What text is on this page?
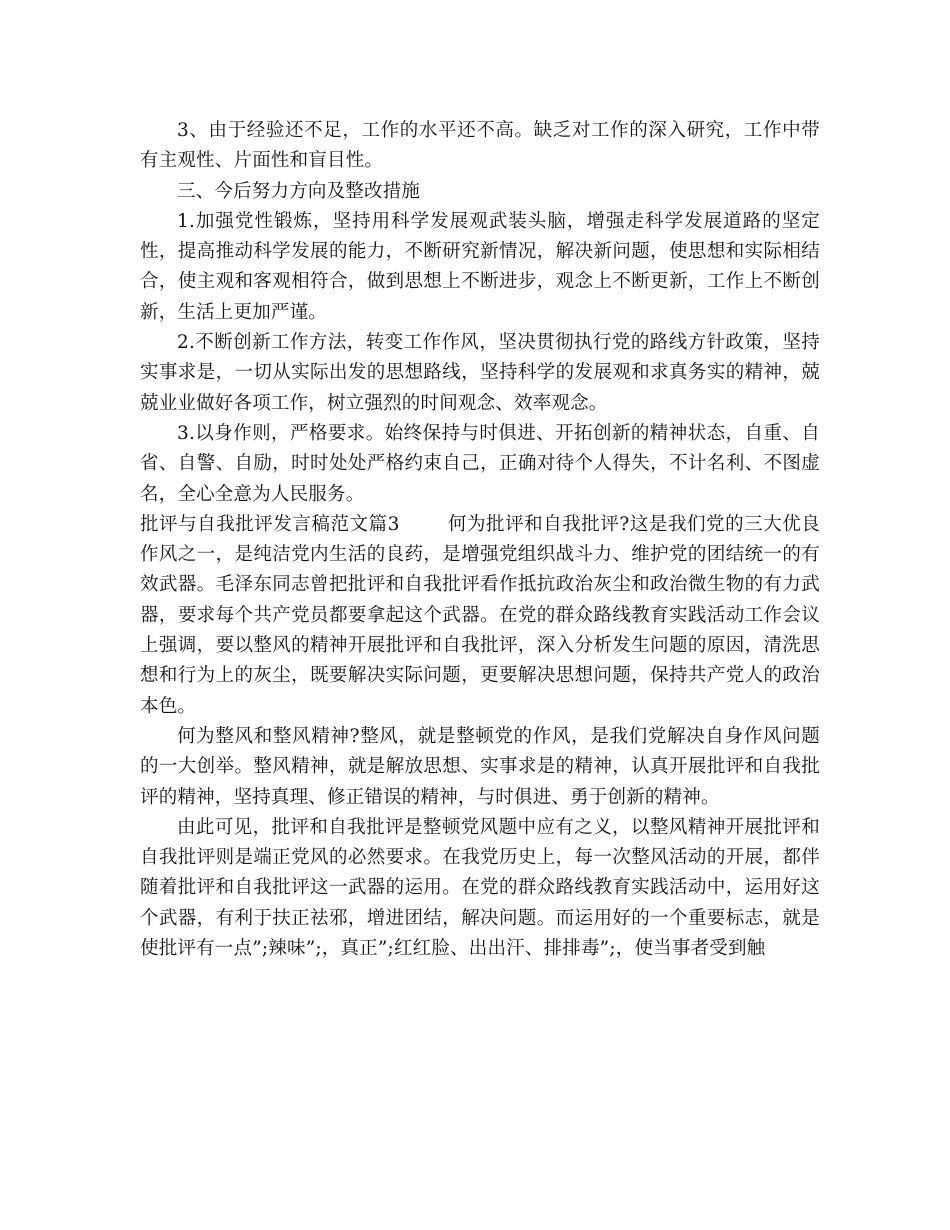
3、由于经验还不足，工作的水平还不高。缺乏对工作的深入研究，工作中带有主观性、片面性和盲目性。

三、今后努力方向及整改措施

1.加强党性锻炼，坚持用科学发展观武装头脑，增强走科学发展道路的坚定性，提高推动科学发展的能力，不断研究新情况，解决新问题，使思想和实际相结合，使主观和客观相符合，做到思想上不断进步，观念上不断更新，工作上不断创新，生活上更加严谨。

2.不断创新工作方法，转变工作作风，坚决贯彻执行党的路线方针政策，坚持实事求是，一切从实际出发的思想路线，坚持科学的发展观和求真务实的精神，兢兢业业做好各项工作，树立强烈的时间观念、效率观念。

3.以身作则，严格要求。始终保持与时俱进、开拓创新的精神状态，自重、自省、自警、自励，时时处处严格约束自己，正确对待个人得失，不计名利、不图虚名，全心全意为人民服务。

批评与自我批评发言稿范文篇3	何为批评和自我批评?这是我们党的三大优良作风之一，是纯洁党内生活的良药，是增强党组织战斗力、维护党的团结统一的有效武器。毛泽东同志曾把批评和自我批评看作抵抗政治灰尘和政治微生物的有力武器，要求每个共产党员都要拿起这个武器。在党的群众路线教育实践活动工作会议上强调，要以整风的精神开展批评和自我批评，深入分析发生问题的原因，清洗思想和行为上的灰尘，既要解决实际问题，更要解决思想问题，保持共产党人的政治本色。

何为整风和整风精神?整风，就是整顿党的作风，是我们党解决自身作风问题的一大创举。整风精神，就是解放思想、实事求是的精神，认真开展批评和自我批评的精神，坚持真理、修正错误的精神，与时俱进、勇于创新的精神。

由此可见，批评和自我批评是整顿党风题中应有之义，以整风精神开展批评和自我批评则是端正党风的必然要求。在我党历史上，每一次整风活动的开展，都伴随着批评和自我批评这一武器的运用。在党的群众路线教育实践活动中，运用好这个武器，有利于扶正祛邪，增进团结，解决问题。而运用好的一个重要标志，就是使批评有一点”;辣味”;，真正”;红红脸、出出汗、排排毒”;，使当事者受到触
